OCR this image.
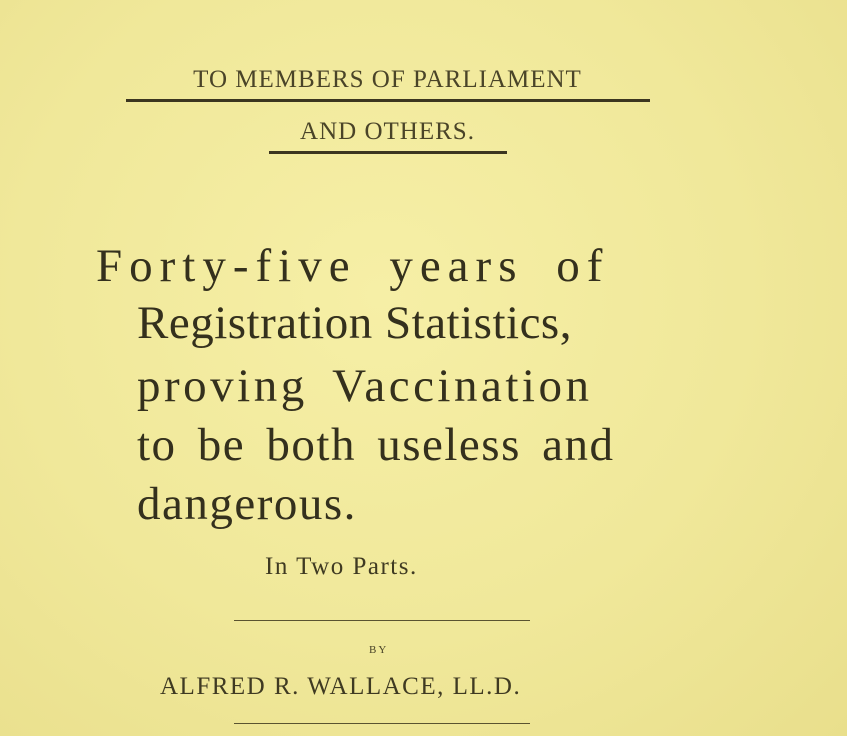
TO MEMBERS OF PARLIAMENT
AND OTHERS.
Forty-five years of
Registration Statistics,
proving Vaccination
to be both useless and
dangerous.
In Two Parts.
BY
ALFRED R. WALLACE, LL.D.
